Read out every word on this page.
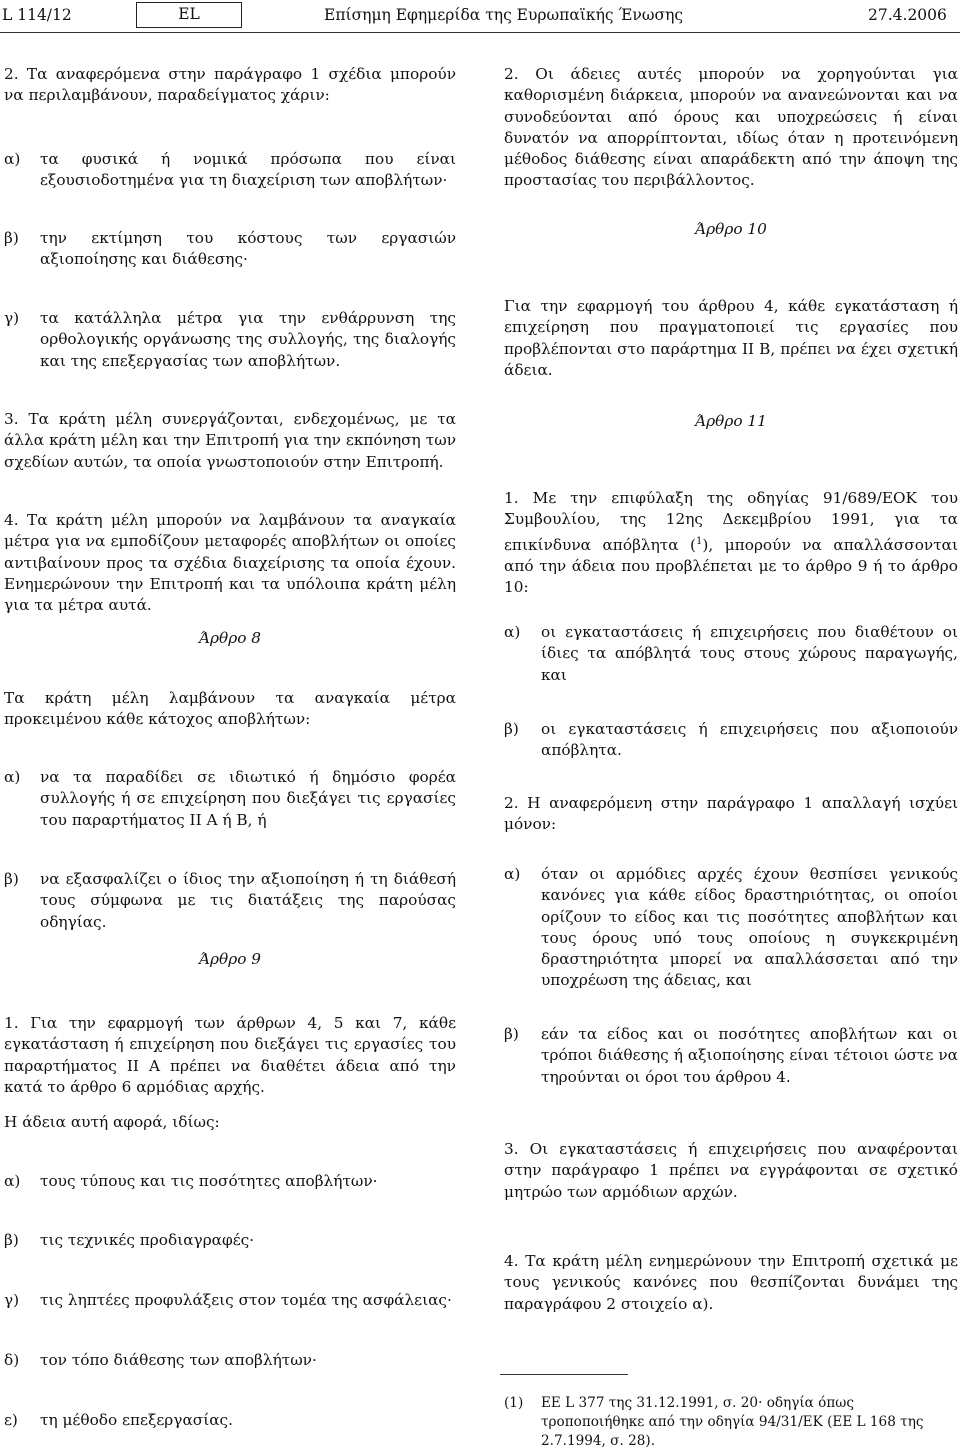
L 114/12	EL	Επίσημη Εφημερίδα της Ευρωπαϊκής Ένωσης	27.4.2006
2. Τα αναφερόμενα στην παράγραφο 1 σχέδια μπορούν να περιλαμβάνουν, παραδείγματος χάριν:
α) τα φυσικά ή νομικά πρόσωπα που είναι εξουσιοδοτημένα για τη διαχείριση των αποβλήτων·
β) την εκτίμηση του κόστους των εργασιών αξιοποίησης και διάθεσης·
γ) τα κατάλληλα μέτρα για την ενθάρρυνση της ορθολογικής οργάνωσης της συλλογής, της διαλογής και της επεξεργασίας των αποβλήτων.
3. Τα κράτη μέλη συνεργάζονται, ενδεχομένως, με τα άλλα κράτη μέλη και την Επιτροπή για την εκπόνηση των σχεδίων αυτών, τα οποία γνωστοποιούν στην Επιτροπή.
4. Τα κράτη μέλη μπορούν να λαμβάνουν τα αναγκαία μέτρα για να εμποδίζουν μεταφορές αποβλήτων οι οποίες αντιβαίνουν προς τα σχέδια διαχείρισης τα οποία έχουν. Ενημερώνουν την Επιτροπή και τα υπόλοιπα κράτη μέλη για τα μέτρα αυτά.
Άρθρο 8
Τα κράτη μέλη λαμβάνουν τα αναγκαία μέτρα προκειμένου κάθε κάτοχος αποβλήτων:
α) να τα παραδίδει σε ιδιωτικό ή δημόσιο φορέα συλλογής ή σε επιχείρηση που διεξάγει τις εργασίες του παραρτήματος ΙΙ Α ή Β, ή
β) να εξασφαλίζει ο ίδιος την αξιοποίηση ή τη διάθεσή τους σύμφωνα με τις διατάξεις της παρούσας οδηγίας.
Άρθρο 9
1. Για την εφαρμογή των άρθρων 4, 5 και 7, κάθε εγκατάσταση ή επιχείρηση που διεξάγει τις εργασίες του παραρτήματος ΙΙ Α πρέπει να διαθέτει άδεια από την κατά το άρθρο 6 αρμόδιας αρχής.
Η άδεια αυτή αφορά, ιδίως:
α) τους τύπους και τις ποσότητες αποβλήτων·
β) τις τεχνικές προδιαγραφές·
γ) τις ληπτέες προφυλάξεις στον τομέα της ασφάλειας·
δ) τον τόπο διάθεσης των αποβλήτων·
ε) τη μέθοδο επεξεργασίας.
2. Οι άδειες αυτές μπορούν να χορηγούνται για καθορισμένη διάρκεια, μπορούν να ανανεώνονται και να συνοδεύονται από όρους και υποχρεώσεις ή είναι δυνατόν να απορρίπτονται, ιδίως όταν η προτεινόμενη μέθοδος διάθεσης είναι απαράδεκτη από την άποψη της προστασίας του περιβάλλοντος.
Άρθρο 10
Για την εφαρμογή του άρθρου 4, κάθε εγκατάσταση ή επιχείρηση που πραγματοποιεί τις εργασίες που προβλέπονται στο παράρτημα ΙΙ Β, πρέπει να έχει σχετική άδεια.
Άρθρο 11
1. Με την επιφύλαξη της οδηγίας 91/689/ΕΟΚ του Συμβουλίου, της 12ης Δεκεμβρίου 1991, για τα επικίνδυνα απόβλητα ($^1$), μπορούν να απαλλάσσονται από την άδεια που προβλέπεται με το άρθρο 9 ή το άρθρο 10:
α) οι εγκαταστάσεις ή επιχειρήσεις που διαθέτουν οι ίδιες τα απόβλητά τους στους χώρους παραγωγής, και
β) οι εγκαταστάσεις ή επιχειρήσεις που αξιοποιούν απόβλητα.
2. Η αναφερόμενη στην παράγραφο 1 απαλλαγή ισχύει μόνον:
α) όταν οι αρμόδιες αρχές έχουν θεσπίσει γενικούς κανόνες για κάθε είδος δραστηριότητας, οι οποίοι ορίζουν το είδος και τις ποσότητες αποβλήτων και τους όρους υπό τους οποίους η συγκεκριμένη δραστηριότητα μπορεί να απαλλάσσεται από την υποχρέωση της άδειας, και
β) εάν τα είδος και οι ποσότητες αποβλήτων και οι τρόποι διάθεσης ή αξιοποίησης είναι τέτοιοι ώστε να τηρούνται οι όροι του άρθρου 4.
3. Οι εγκαταστάσεις ή επιχειρήσεις που αναφέρονται στην παράγραφο 1 πρέπει να εγγράφονται σε σχετικό μητρώο των αρμόδιων αρχών.
4. Τα κράτη μέλη ενημερώνουν την Επιτροπή σχετικά με τους γενικούς κανόνες που θεσπίζονται δυνάμει της παραγράφου 2 στοιχείο α).
(1) ΕΕ L 377 της 31.12.1991, σ. 20· οδηγία όπως τροποποιήθηκε από την οδηγία 94/31/ΕΚ (ΕΕ L 168 της 2.7.1994, σ. 28).
